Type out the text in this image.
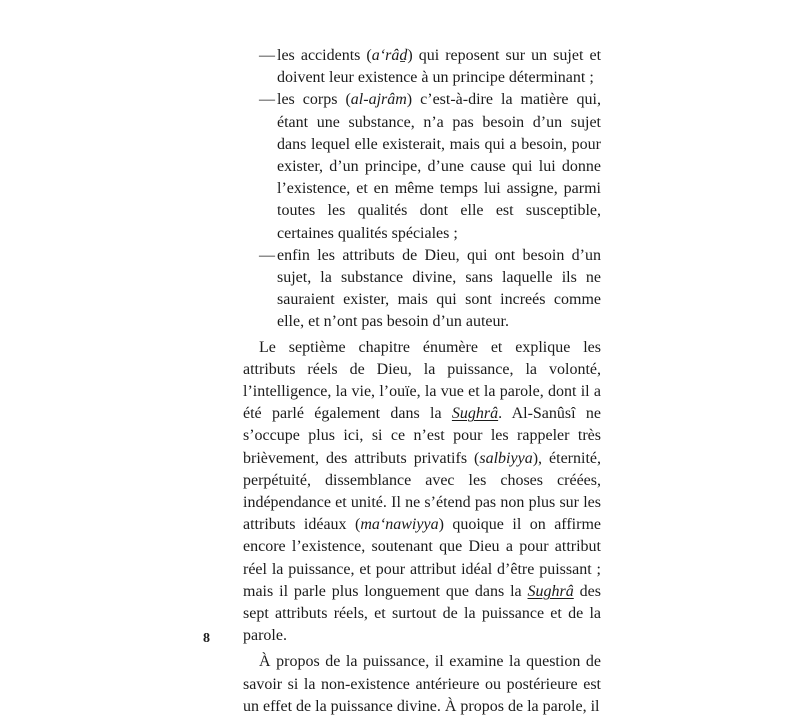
— les accidents (a‘râḏ) qui reposent sur un sujet et doivent leur existence à un principe déterminant ;
— les corps (al-ajrâm) c’est-à-dire la matière qui, étant une substance, n’a pas besoin d’un sujet dans lequel elle existerait, mais qui a besoin, pour exister, d’un principe, d’une cause qui lui donne l’existence, et en même temps lui assigne, parmi toutes les qualités dont elle est susceptible, certaines qualités spéciales ;
— enfin les attributs de Dieu, qui ont besoin d’un sujet, la substance divine, sans laquelle ils ne sauraient exister, mais qui sont increés comme elle, et n’ont pas besoin d’un auteur.
Le septième chapitre énumère et explique les attributs réels de Dieu, la puissance, la volonté, l’intelligence, la vie, l’ouïe, la vue et la parole, dont il a été parlé également dans la Sughrâ. Al-Sanûsî ne s’occupe plus ici, si ce n’est pour les rappeler très brièvement, des attributs privatifs (salbiyya), éternité, perpétuité, dissemblance avec les choses créées, indépendance et unité. Il ne s’étend pas non plus sur les attributs idéaux (ma‘nawiyya) quoique il on affirme encore l’existence, soutenant que Dieu a pour attribut réel la puissance, et pour attribut idéal d’être puissant ; mais il parle plus longuement que dans la Sughrâ des sept attributs réels, et surtout de la puissance et de la parole.
À propos de la puissance, il examine la question de savoir si la non-existence antérieure ou postérieure est un effet de la puissance divine. À propos de la parole, il
8
